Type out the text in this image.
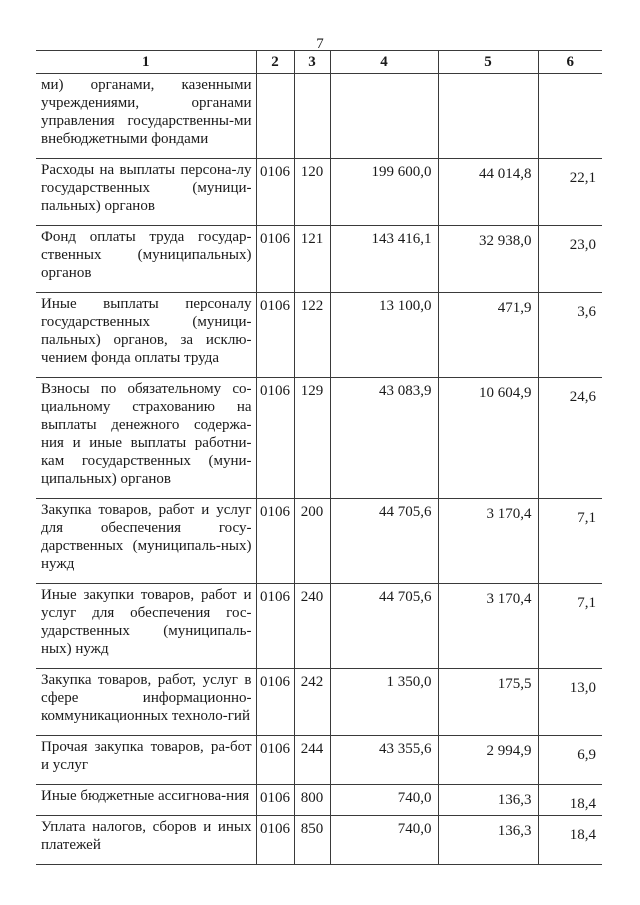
7
1	2	3	4	5	6
ми) органами, казенными учреждениями, органами управления государственны-ми внебюджетными фондами					
Расходы на выплаты персона-лу государственных (муници-пальных) органов	0106	120	199 600,0	44 014,8	22,1
Фонд оплаты труда государ-ственных (муниципальных) органов	0106	121	143 416,1	32 938,0	23,0
Иные выплаты персоналу государственных (муници-пальных) органов, за исклю-чением фонда оплаты труда	0106	122	13 100,0	471,9	3,6
Взносы по обязательному со-циальному страхованию на выплаты денежного содержа-ния и иные выплаты работни-кам государственных (муни-ципальных) органов	0106	129	43 083,9	10 604,9	24,6
Закупка товаров, работ и услуг для обеспечения госу-дарственных (муниципаль-ных) нужд	0106	200	44 705,6	3 170,4	7,1
Иные закупки товаров, работ и услуг для обеспечения гос-ударственных (муниципаль-ных) нужд	0106	240	44 705,6	3 170,4	7,1
Закупка товаров, работ, услуг в сфере информационно-коммуникационных техноло-гий	0106	242	1 350,0	175,5	13,0
Прочая закупка товаров, ра-бот и услуг	0106	244	43 355,6	2 994,9	6,9
Иные бюджетные ассигнова-ния	0106	800	740,0	136,3	18,4
Уплата налогов, сборов и иных платежей	0106	850	740,0	136,3	18,4
